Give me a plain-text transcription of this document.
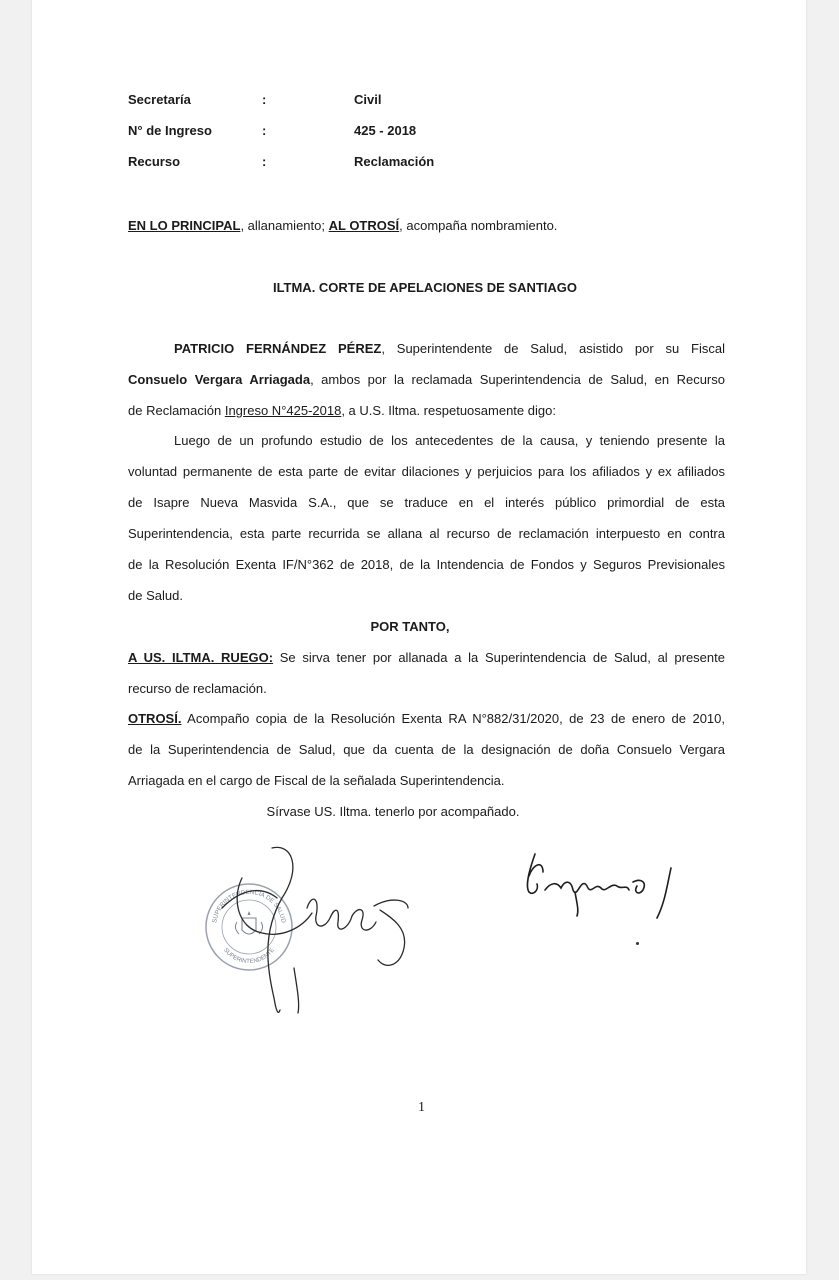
Secretaría	:	Civil
N° de Ingreso	:	425 - 2018
Recurso	:	Reclamación
EN LO PRINCIPAL, allanamiento; AL OTROSÍ, acompaña nombramiento.
ILTMA. CORTE DE APELACIONES DE SANTIAGO
PATRICIO FERNÁNDEZ PÉREZ, Superintendente de Salud, asistido por su Fiscal
Consuelo Vergara Arriagada, ambos por la reclamada Superintendencia de Salud, en Recurso
de Reclamación Ingreso N°425-2018, a U.S. Iltma. respetuosamente digo:
Luego de un profundo estudio de los antecedentes de la causa, y teniendo presente la
voluntad permanente de esta parte de evitar dilaciones y perjuicios para los afiliados y ex afiliados
de Isapre Nueva Masvida S.A., que se traduce en el interés público primordial de esta
Superintendencia, esta parte recurrida se allana al recurso de reclamación interpuesto en contra
de la Resolución Exenta IF/N°362 de 2018, de la Intendencia de Fondos y Seguros Previsionales
de Salud.
POR TANTO,
A US. ILTMA. RUEGO: Se sirva tener por allanada a la Superintendencia de Salud, al presente
recurso de reclamación.
OTROSÍ. Acompaño copia de la Resolución Exenta RA N°882/31/2020, de 23 de enero de 2010,
de la Superintendencia de Salud, que da cuenta de la designación de doña Consuelo Vergara
Arriagada en el cargo de Fiscal de la señalada Superintendencia.
Sírvase US. Iltma. tenerlo por acompañado.
SUPERINTENDENCIA DE SALUD
SUPERINTENDENTE
1
